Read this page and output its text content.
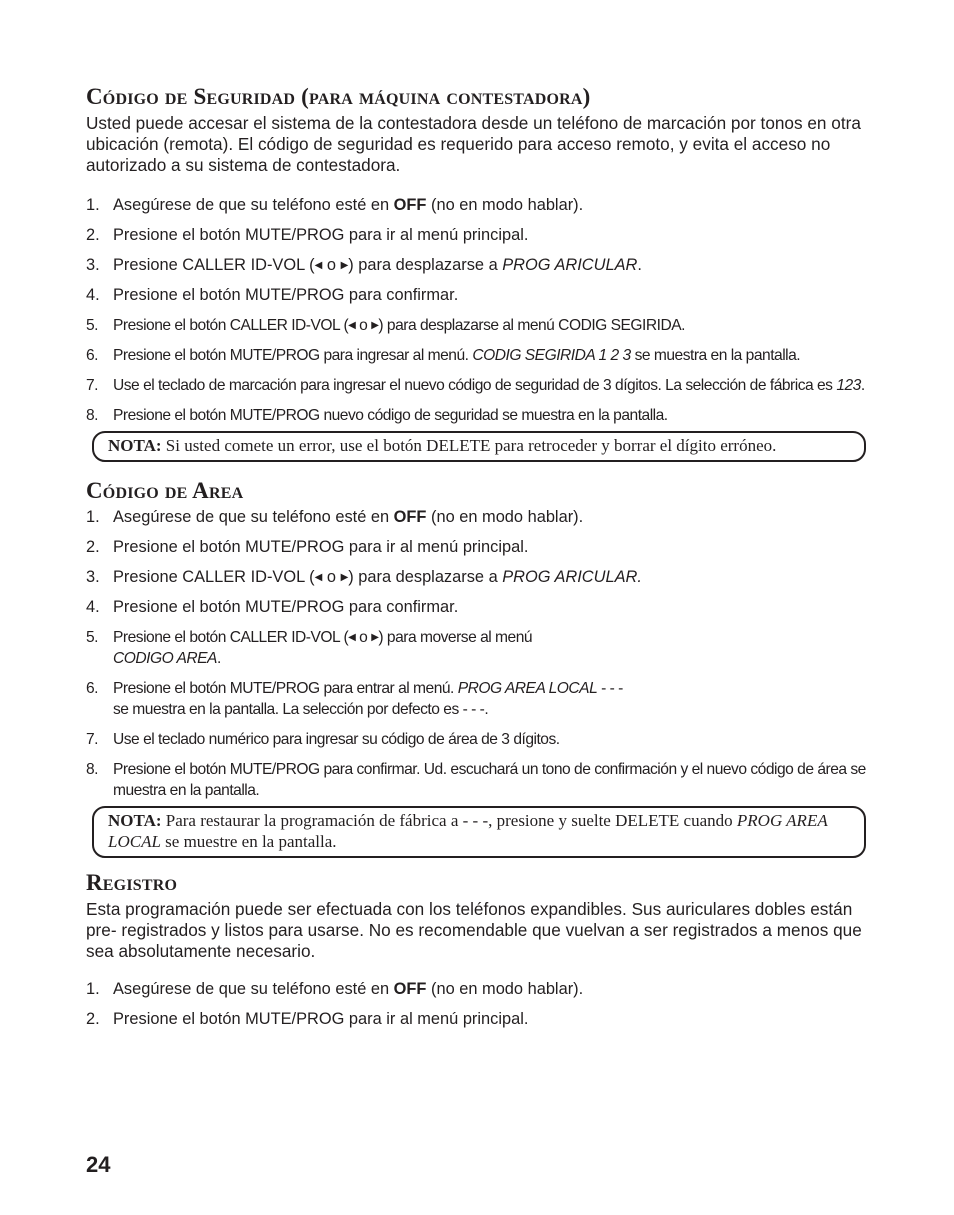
Código de Seguridad (para máquina contestadora)

Usted puede accesar el sistema de la contestadora desde un teléfono de marcación por tonos en otra ubicación (remota). El código de seguridad es requerido para acceso remoto, y evita el acceso no autorizado a su sistema de contestadora.

1. Asegúrese de que su teléfono esté en OFF (no en modo hablar).
2. Presione el botón MUTE/PROG para ir al menú principal.
3. Presione CALLER ID-VOL (◀ o ▶) para desplazarse a PROG ARICULAR.
4. Presione el botón MUTE/PROG para confirmar.
5. Presione el botón CALLER ID-VOL (◀ o ▶) para desplazarse al menú CODIG SEGIRIDA.
6. Presione el botón MUTE/PROG para ingresar al menú. CODIG SEGIRIDA 1 2 3 se muestra en la pantalla.
7. Use el teclado de marcación para ingresar el nuevo código de seguridad de 3 dígitos. La selección de fábrica es 123.
8. Presione el botón MUTE/PROG nuevo código de seguridad se muestra en la pantalla.
NOTA: Si usted comete un error, use el botón DELETE para retroceder y borrar el dígito erróneo.
Código de Area
1. Asegúrese de que su teléfono esté en OFF (no en modo hablar).
2. Presione el botón MUTE/PROG para ir al menú principal.
3. Presione CALLER ID-VOL (◀ o ▶) para desplazarse a PROG ARICULAR.
4. Presione el botón MUTE/PROG para confirmar.
5. Presione el botón CALLER ID-VOL (◀ o ▶) para moverse al menú
CODIGO AREA.
6. Presione el botón MUTE/PROG para entrar al menú. PROG AREA LOCAL - - -
se muestra en la pantalla. La selección por defecto es - - -.
7. Use el teclado numérico para ingresar su código de área de 3 dígitos.
8. Presione el botón MUTE/PROG para confirmar. Ud. escuchará un tono de confirmación y el nuevo código de área se muestra en la pantalla.
NOTA: Para restaurar la programación de fábrica a - - -, presione y suelte DELETE cuando PROG AREA LOCAL se muestre en la pantalla.
Registro

Esta programación puede ser efectuada con los teléfonos expandibles. Sus auriculares dobles están pre- registrados y listos para usarse. No es recomendable que vuelvan a ser registrados a menos que sea absolutamente necesario.

1. Asegúrese de que su teléfono esté en OFF (no en modo hablar).
2. Presione el botón MUTE/PROG para ir al menú principal.
24
